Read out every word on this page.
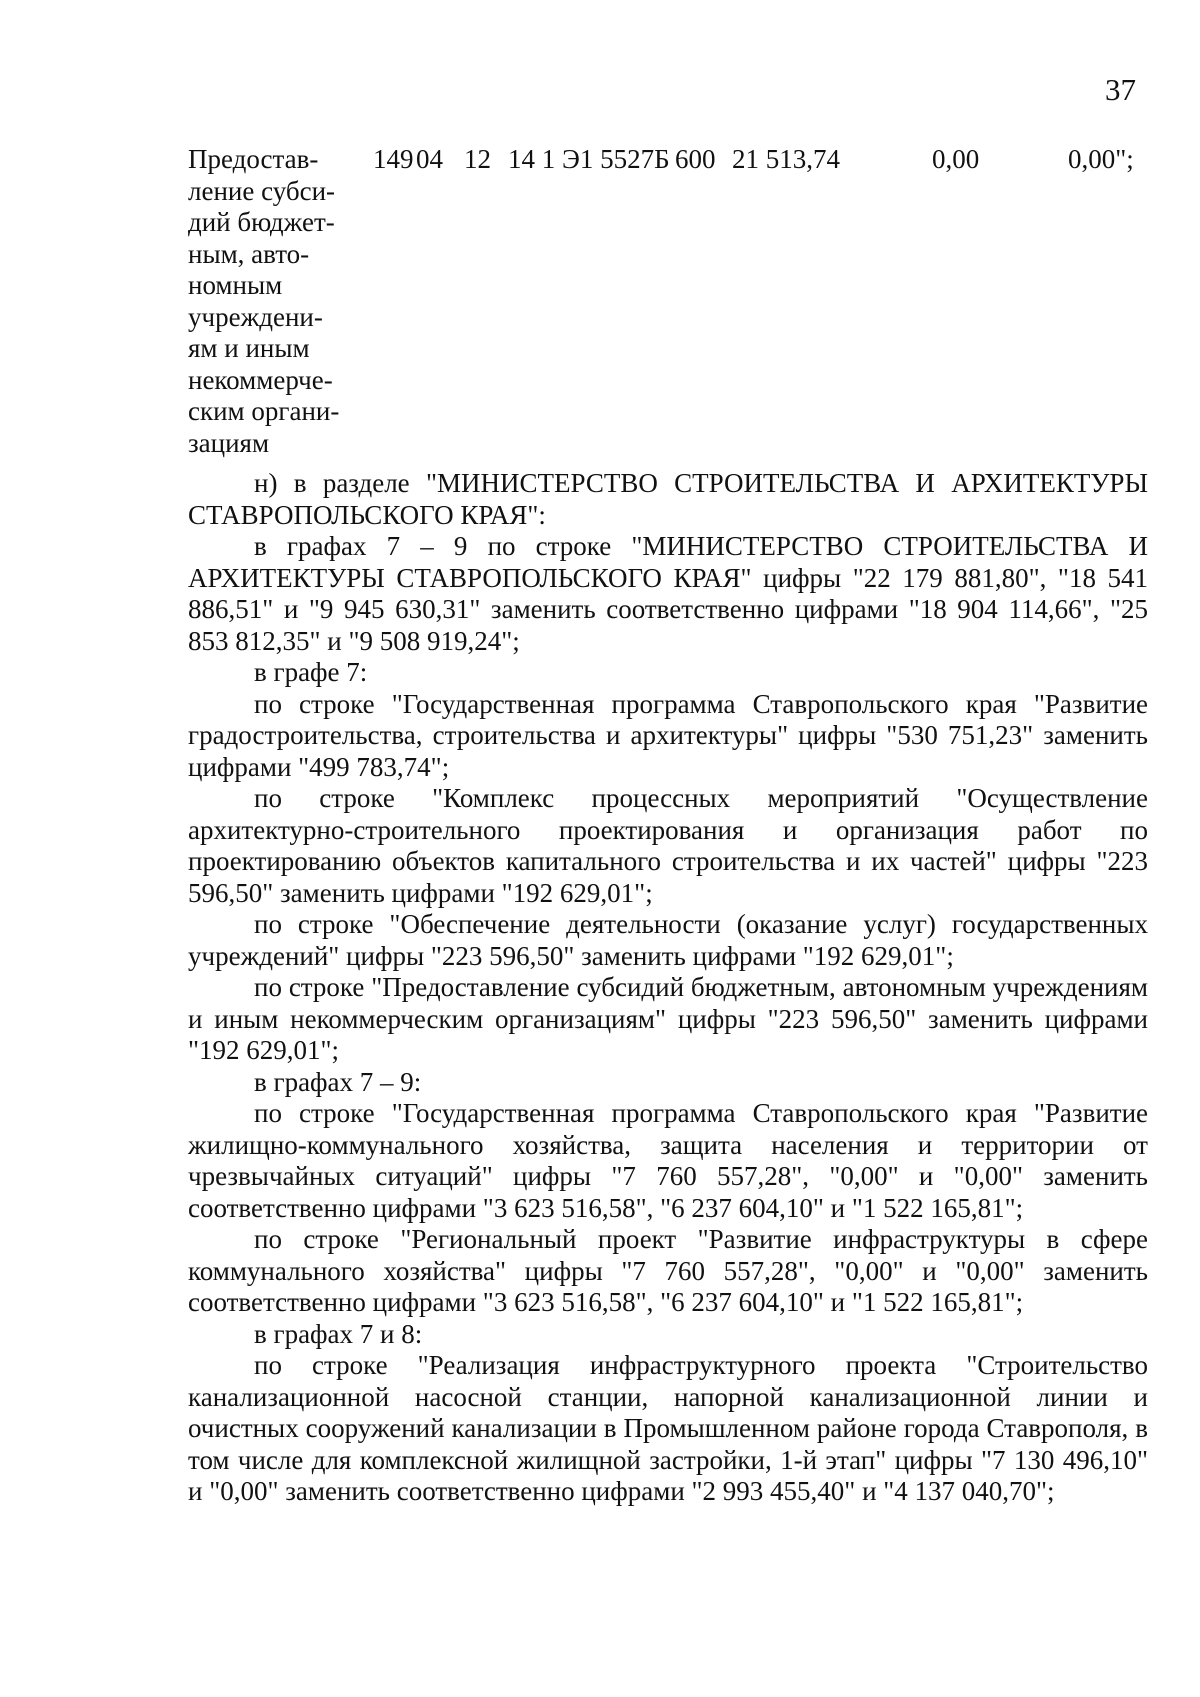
37
Предостав-
ление субси-
дий бюджет-
ным, авто-
номным
учреждени-
ям и иным
некоммерче-
ским органи-
зациям
149 04 12 14 1 Э1 5527Б 600 21 513,74	0,00	0,00";

н) в разделе "МИНИСТЕРСТВО СТРОИТЕЛЬСТВА И АРХИТЕКТУРЫ СТАВРОПОЛЬСКОГО КРАЯ":

в графах 7 – 9 по строке "МИНИСТЕРСТВО СТРОИТЕЛЬСТВА И АРХИТЕКТУРЫ СТАВРОПОЛЬСКОГО КРАЯ" цифры "22 179 881,80", "18 541 886,51" и "9 945 630,31" заменить соответственно цифрами "18 904 114,66", "25 853 812,35" и "9 508 919,24";

в графе 7:

по строке "Государственная программа Ставропольского края "Развитие градостроительства, строительства и архитектуры" цифры "530 751,23" заменить цифрами "499 783,74";

по строке "Комплекс процессных мероприятий "Осуществление архитектурно-строительного проектирования и организация работ по проектированию объектов капитального строительства и их частей" цифры "223 596,50" заменить цифрами "192 629,01";

по строке "Обеспечение деятельности (оказание услуг) государственных учреждений" цифры "223 596,50" заменить цифрами "192 629,01";

по строке "Предоставление субсидий бюджетным, автономным учреждениям и иным некоммерческим организациям" цифры "223 596,50" заменить цифрами "192 629,01";

в графах 7 – 9:

по строке "Государственная программа Ставропольского края "Развитие жилищно-коммунального хозяйства, защита населения и территории от чрезвычайных ситуаций" цифры "7 760 557,28", "0,00" и "0,00" заменить соответственно цифрами "3 623 516,58", "6 237 604,10" и "1 522 165,81";

по строке "Региональный проект "Развитие инфраструктуры в сфере коммунального хозяйства" цифры "7 760 557,28", "0,00" и "0,00" заменить соответственно цифрами "3 623 516,58", "6 237 604,10" и "1 522 165,81";

в графах 7 и 8:

по строке "Реализация инфраструктурного проекта "Строительство канализационной насосной станции, напорной канализационной линии и очистных сооружений канализации в Промышленном районе города Ставрополя, в том числе для комплексной жилищной застройки, 1-й этап" цифры "7 130 496,10" и "0,00" заменить соответственно цифрами "2 993 455,40" и "4 137 040,70";
